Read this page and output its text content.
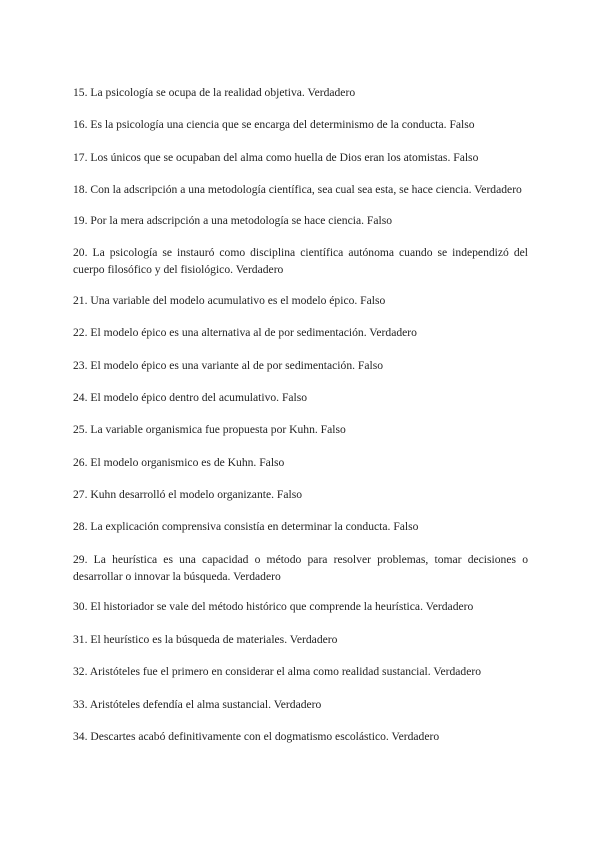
15. La psicología se ocupa de la realidad objetiva. Verdadero
16. Es la psicología una ciencia que se encarga del determinismo de la conducta. Falso
17. Los únicos que se ocupaban del alma como huella de Dios eran los atomistas. Falso
18. Con la adscripción a una metodología científica, sea cual sea esta, se hace ciencia. Verdadero
19. Por la mera adscripción a una metodología se hace ciencia. Falso
20. La psicología se instauró como disciplina científica autónoma cuando se independizó del cuerpo filosófico y del fisiológico. Verdadero
21. Una variable del modelo acumulativo es el modelo épico. Falso
22. El modelo épico es una alternativa al de por sedimentación. Verdadero
23. El modelo épico es una variante al de por sedimentación. Falso
24. El modelo épico dentro del acumulativo. Falso
25. La variable organismica fue propuesta por Kuhn. Falso
26. El modelo organismico es de Kuhn. Falso
27. Kuhn desarrolló el modelo organizante. Falso
28. La explicación comprensiva consistía en determinar la conducta. Falso
29. La heurística es una capacidad o método para resolver problemas, tomar decisiones o desarrollar o innovar la búsqueda. Verdadero
30. El historiador se vale del método histórico que comprende la heurística. Verdadero
31. El heurístico es la búsqueda de materiales. Verdadero
32. Aristóteles fue el primero en considerar el alma como realidad sustancial. Verdadero
33. Aristóteles defendía el alma sustancial. Verdadero
34. Descartes acabó definitivamente con el dogmatismo escolástico. Verdadero
